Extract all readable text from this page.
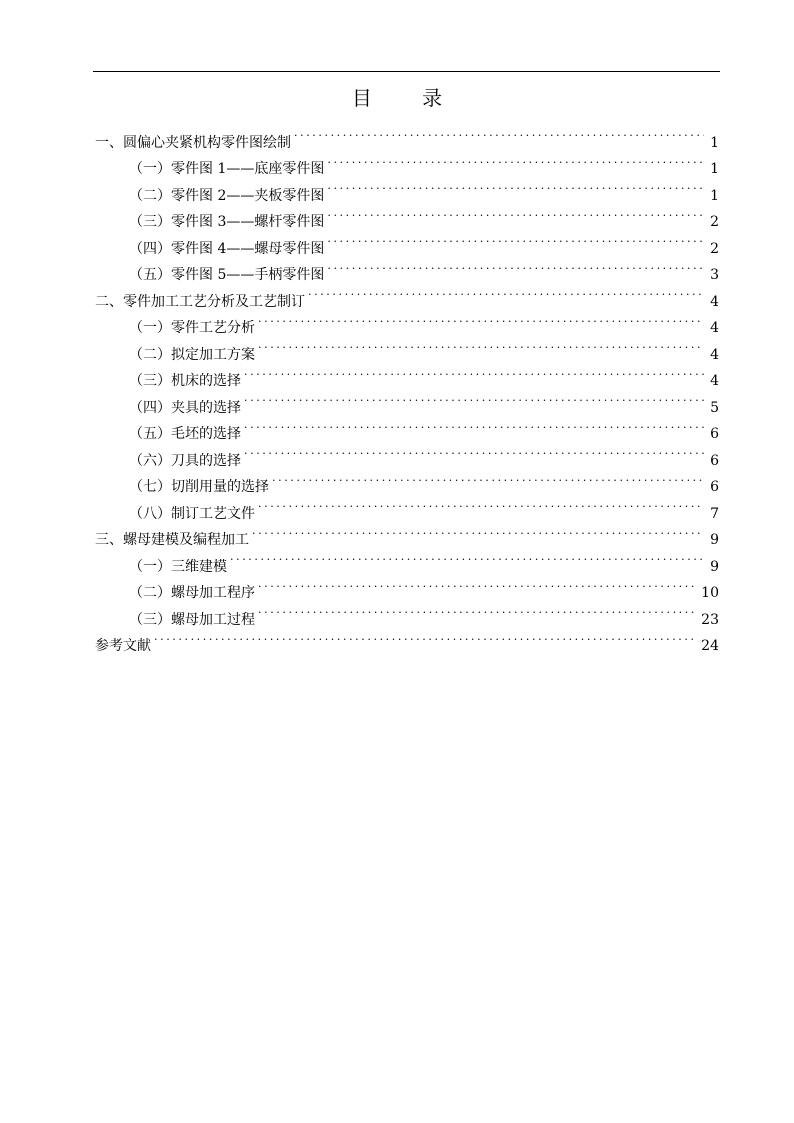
目 录
一、圆偏心夹紧机构零件图绘制 .....	1
（一）零件图 1——底座零件图 .....	1
（二）零件图 2——夹板零件图 .....	1
（三）零件图 3——螺杆零件图 .....	2
（四）零件图 4——螺母零件图 .....	2
（五）零件图 5——手柄零件图 .....	3
二、零件加工工艺分析及工艺制订 .....	4
（一）零件工艺分析 .....	4
（二）拟定加工方案 .....	4
（三）机床的选择 .....	4
（四）夹具的选择 .....	5
（五）毛坯的选择 .....	6
（六）刀具的选择 .....	6
（七）切削用量的选择 .....	6
（八）制订工艺文件 .....	7
三、螺母建模及编程加工 .....	9
（一）三维建模 .....	9
（二）螺母加工程序 .....	10
（三）螺母加工过程 .....	23
参考文献 .....	24
